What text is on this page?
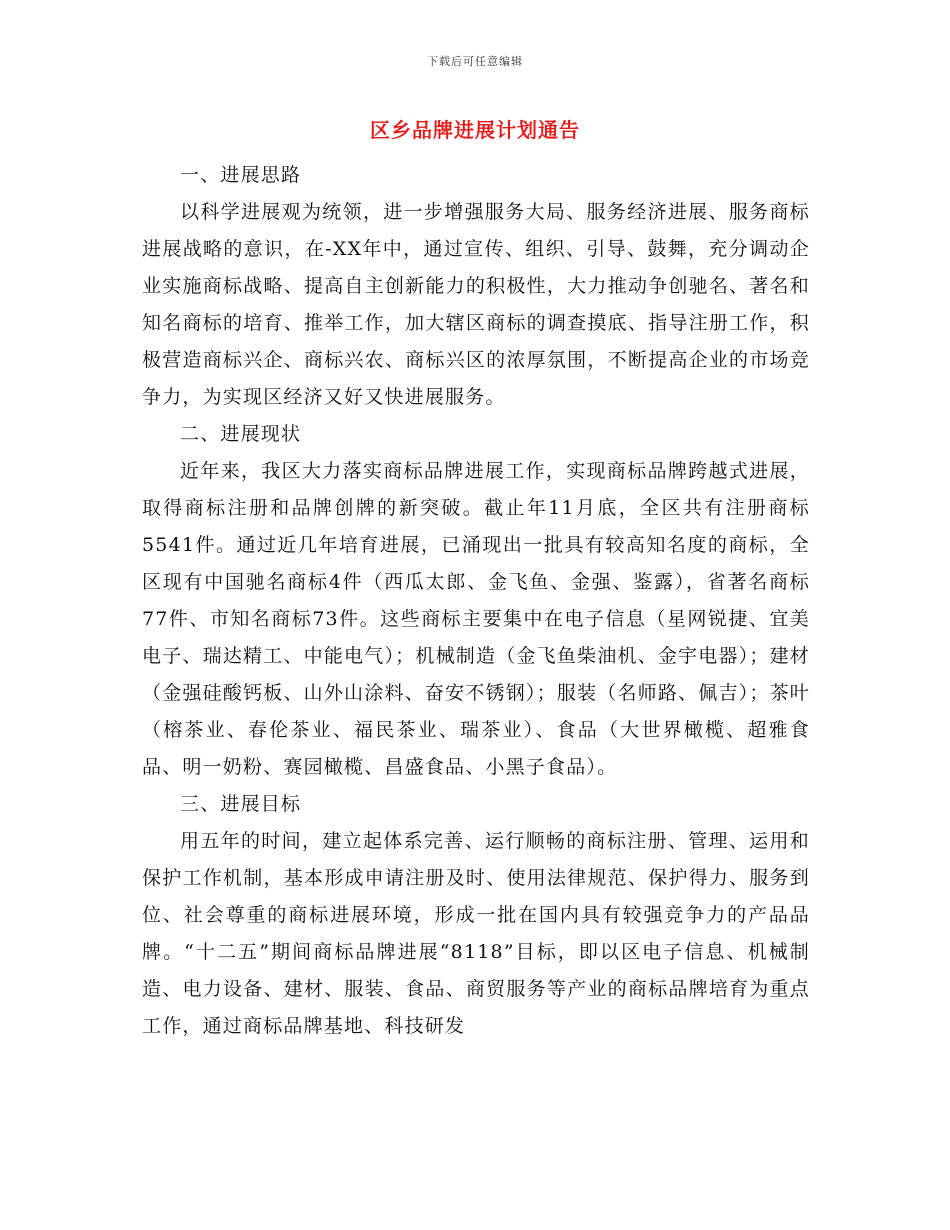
下载后可任意编辑
区乡品牌进展计划通告

一、进展思路

以科学进展观为统领，进一步增强服务大局、服务经济进展、服务商标进展战略的意识，在-XX年中，通过宣传、组织、引导、鼓舞，充分调动企业实施商标战略、提高自主创新能力的积极性，大力推动争创驰名、著名和知名商标的培育、推举工作，加大辖区商标的调查摸底、指导注册工作，积极营造商标兴企、商标兴农、商标兴区的浓厚氛围，不断提高企业的市场竞争力，为实现区经济又好又快进展服务。

二、进展现状

近年来，我区大力落实商标品牌进展工作，实现商标品牌跨越式进展，取得商标注册和品牌创牌的新突破。截止年11月底，全区共有注册商标5541件。通过近几年培育进展，已涌现出一批具有较高知名度的商标，全区现有中国驰名商标4件（西瓜太郎、金飞鱼、金强、鉴露），省著名商标77件、市知名商标73件。这些商标主要集中在电子信息（星网锐捷、宜美电子、瑞达精工、中能电气）；机械制造（金飞鱼柴油机、金宇电器）；建材（金强硅酸钙板、山外山涂料、奋安不锈钢）；服装（名师路、佩吉）；茶叶（榕茶业、春伦茶业、福民茶业、瑞茶业）、食品（大世界橄榄、超雅食品、明一奶粉、赛园橄榄、昌盛食品、小黑子食品）。

三、进展目标

用五年的时间，建立起体系完善、运行顺畅的商标注册、管理、运用和保护工作机制，基本形成申请注册及时、使用法律规范、保护得力、服务到位、社会尊重的商标进展环境，形成一批在国内具有较强竞争力的产品品牌。“十二五”期间商标品牌进展“8118”目标，即以区电子信息、机械制造、电力设备、建材、服装、食品、商贸服务等产业的商标品牌培育为重点工作，通过商标品牌基地、科技研发
